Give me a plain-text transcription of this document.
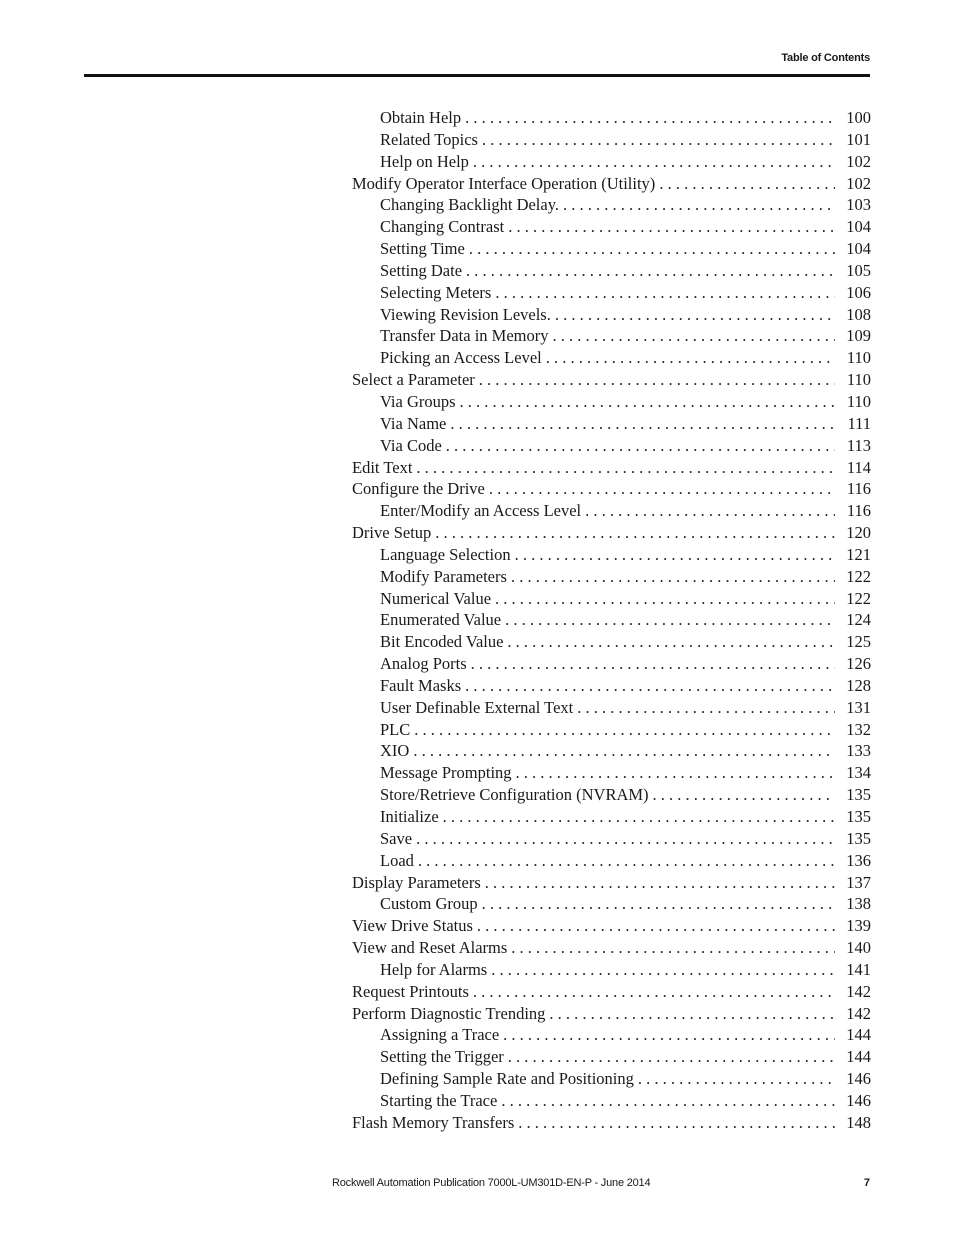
Table of Contents
Obtain Help . . .	100
Related Topics . . .	101
Help on Help . . .	102
Modify Operator Interface Operation (Utility) . . .	102
Changing Backlight Delay. . . .	103
Changing Contrast . . .	104
Setting Time . . .	104
Setting Date . . .	105
Selecting Meters . . .	106
Viewing Revision Levels. . . .	108
Transfer Data in Memory . . .	109
Picking an Access Level . . .	110
Select a Parameter . . .	110
Via Groups . . .	110
Via Name . . .	111
Via Code . . .	113
Edit Text . . .	114
Configure the Drive . . .	116
Enter/Modify an Access Level . . .	116
Drive Setup . . .	120
Language Selection . . .	121
Modify Parameters . . .	122
Numerical Value . . .	122
Enumerated Value . . .	124
Bit Encoded Value . . .	125
Analog Ports . . .	126
Fault Masks . . .	128
User Definable External Text . . .	131
PLC . . .	132
XIO . . .	133
Message Prompting . . .	134
Store/Retrieve Configuration (NVRAM) . . .	135
Initialize . . .	135
Save . . .	135
Load . . .	136
Display Parameters . . .	137
Custom Group . . .	138
View Drive Status . . .	139
View and Reset Alarms . . .	140
Help for Alarms . . .	141
Request Printouts . . .	142
Perform Diagnostic Trending . . .	142
Assigning a Trace . . .	144
Setting the Trigger . . .	144
Defining Sample Rate and Positioning . . .	146
Starting the Trace . . .	146
Flash Memory Transfers . . .	148
Rockwell Automation Publication 7000L-UM301D-EN-P - June 2014	7
